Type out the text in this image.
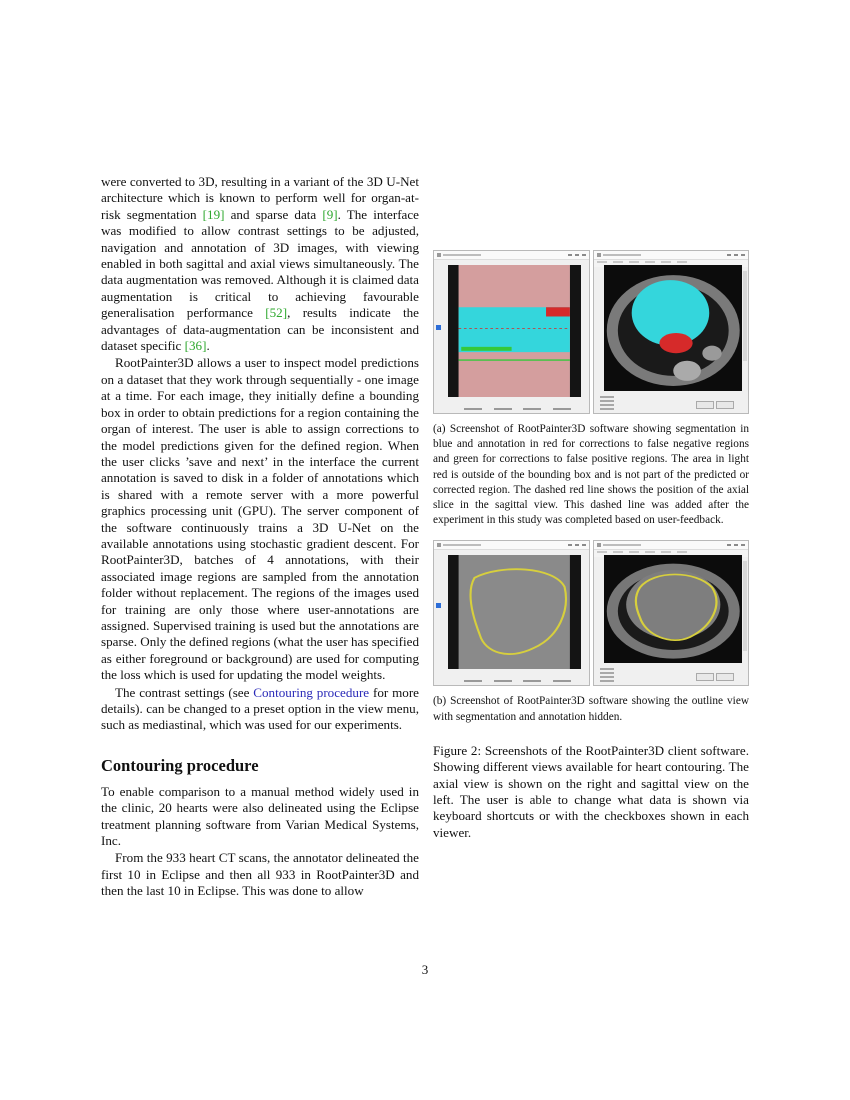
were converted to 3D, resulting in a variant of the 3D U-Net architecture which is known to perform well for organ-at-risk segmentation [19] and sparse data [9]. The interface was modified to allow contrast settings to be adjusted, navigation and annotation of 3D images, with viewing enabled in both sagittal and axial views simultaneously. The data augmentation was removed. Although it is claimed data augmentation is critical to achieving favourable generalisation performance [52], results indicate the advantages of data-augmentation can be inconsistent and dataset specific [36].

RootPainter3D allows a user to inspect model predictions on a dataset that they work through sequentially - one image at a time. For each image, they initially define a bounding box in order to obtain predictions for a region containing the organ of interest. The user is able to assign corrections to the model predictions given for the defined region. When the user clicks ’save and next’ in the interface the current annotation is saved to disk in a folder of annotations which is shared with a remote server with a more powerful graphics processing unit (GPU). The server component of the software continuously trains a 3D U-Net on the available annotations using stochastic gradient descent. For RootPainter3D, batches of 4 annotations, with their associated image regions are sampled from the annotation folder without replacement. The regions of the images used for training are only those where user-annotations are assigned. Supervised training is used but the annotations are sparse. Only the defined regions (what the user has specified as either foreground or background) are used for computing the loss which is used for updating the model weights.

The contrast settings (see Contouring procedure for more details). can be changed to a preset option in the view menu, such as mediastinal, which was used for our experiments.

Contouring procedure

To enable comparison to a manual method widely used in the clinic, 20 hearts were also delineated using the Eclipse treatment planning software from Varian Medical Systems, Inc.

From the 933 heart CT scans, the annotator delineated the first 10 in Eclipse and then all 933 in RootPainter3D and then the last 10 in Eclipse. This was done to allow

(a) Screenshot of RootPainter3D software showing segmentation in blue and annotation in red for corrections to false negative regions and green for corrections to false positive regions. The area in light red is outside of the bounding box and is not part of the predicted or corrected region. The dashed red line shows the position of the axial slice in the sagittal view. This dashed line was added after the experiment in this study was completed based on user-feedback.

(b) Screenshot of RootPainter3D software showing the outline view with segmentation and annotation hidden.

Figure 2: Screenshots of the RootPainter3D client software. Showing different views available for heart contouring. The axial view is shown on the right and sagittal view on the left. The user is able to change what data is shown via keyboard shortcuts or with the checkboxes shown in each viewer.

3
